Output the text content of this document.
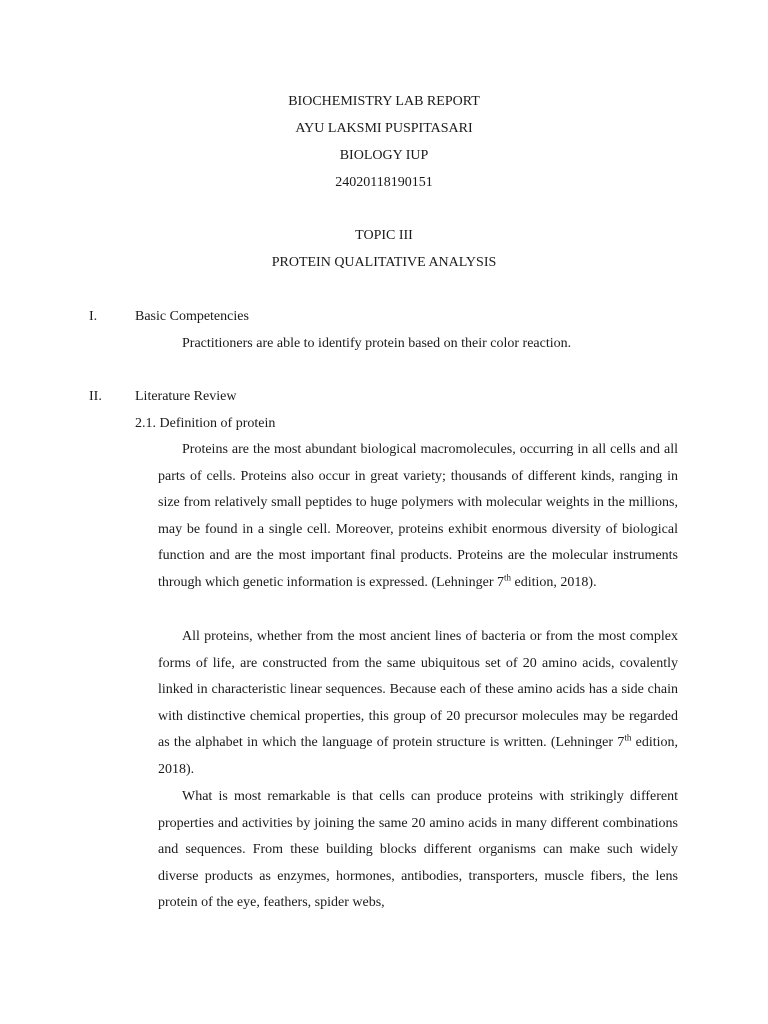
BIOCHEMISTRY LAB REPORT
AYU LAKSMI PUSPITASARI
BIOLOGY IUP
24020118190151
TOPIC III
PROTEIN QUALITATIVE ANALYSIS
I.	Basic Competencies
Practitioners are able to identify protein based on their color reaction.
II. Literature Review
2.1. Definition of protein

Proteins are the most abundant biological macromolecules, occurring in all cells and all parts of cells. Proteins also occur in great variety; thousands of different kinds, ranging in size from relatively small peptides to huge polymers with molecular weights in the millions, may be found in a single cell. Moreover, proteins exhibit enormous diversity of biological function and are the most important final products. Proteins are the molecular instruments through which genetic information is expressed. (Lehninger 7th edition, 2018).

All proteins, whether from the most ancient lines of bacteria or from the most complex forms of life, are constructed from the same ubiquitous set of 20 amino acids, covalently linked in characteristic linear sequences. Because each of these amino acids has a side chain with distinctive chemical properties, this group of 20 precursor molecules may be regarded as the alphabet in which the language of protein structure is written. (Lehninger 7th edition, 2018).

What is most remarkable is that cells can produce proteins with strikingly different properties and activities by joining the same 20 amino acids in many different combinations and sequences. From these building blocks different organisms can make such widely diverse products as enzymes, hormones, antibodies, transporters, muscle fibers, the lens protein of the eye, feathers, spider webs,
